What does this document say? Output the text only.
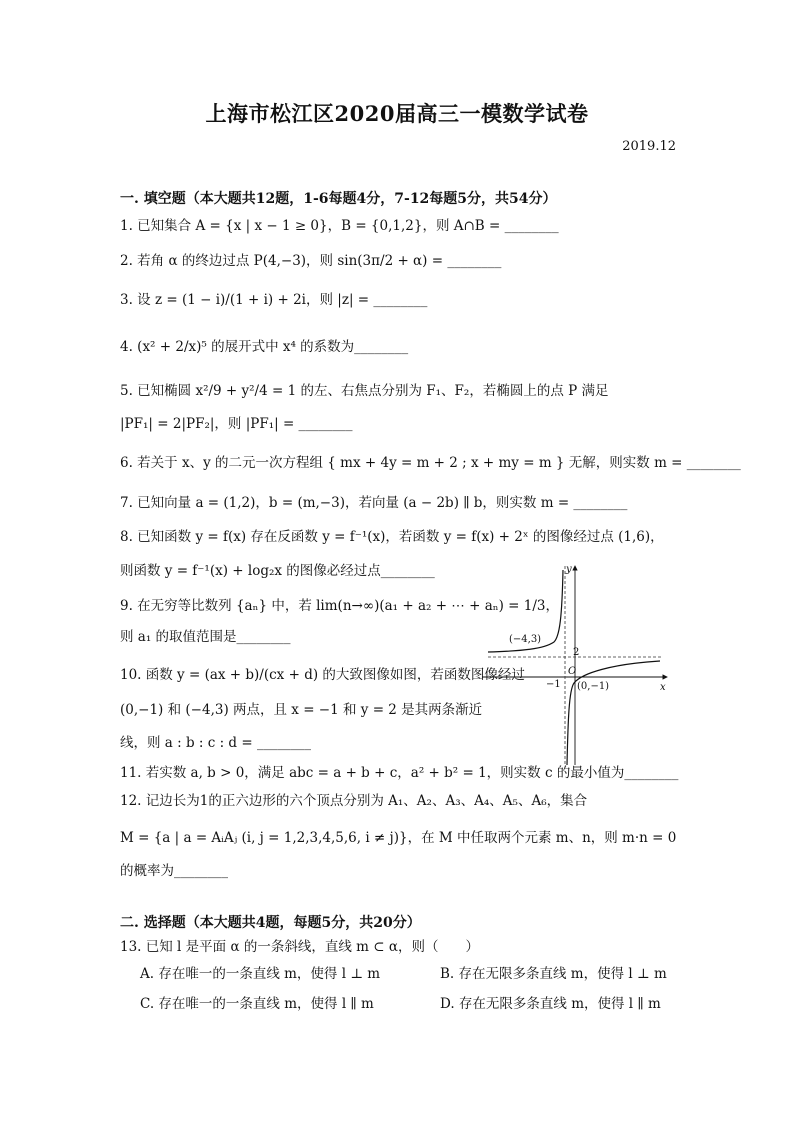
上海市松江区2020届高三一模数学试卷
2019.12
一. 填空题（本大题共12题，1-6每题4分，7-12每题5分，共54分）
1. 已知集合 A = {x | x − 1 ≥ 0}，B = {0,1,2}，则 A∩B = ________
2. 若角 α 的终边过点 P(4,−3)，则 sin(3π/2 + α) = ________
3. 设 z = (1 − i)/(1 + i) + 2i，则 |z| = ________
4. (x² + 2/x)⁵ 的展开式中 x⁴ 的系数为________
5. 已知椭圆 x²/9 + y²/4 = 1 的左、右焦点分别为 F₁、F₂，若椭圆上的点 P 满足
|PF₁| = 2|PF₂|，则 |PF₁| = ________
6. 若关于 x、y 的二元一次方程组 { mx + 4y = m + 2 ; x + my = m } 无解，则实数 m = ________
7. 已知向量 a = (1,2)，b = (m,−3)，若向量 (a − 2b) ∥ b，则实数 m = ________
8. 已知函数 y = f(x) 存在反函数 y = f⁻¹(x)，若函数 y = f(x) + 2ˣ 的图像经过点 (1,6)，
则函数 y = f⁻¹(x) + log₂x 的图像必经过点________
9. 在无穷等比数列 {aₙ} 中，若 lim(n→∞)(a₁ + a₂ + ⋯ + aₙ) = 1/3，
则 a₁ 的取值范围是________
10. 函数 y = (ax + b)/(cx + d) 的大致图像如图，若函数图像经过
(0,−1) 和 (−4,3) 两点，且 x = −1 和 y = 2 是其两条渐近
线，则 a : b : c : d = ________
11. 若实数 a, b > 0，满足 abc = a + b + c，a² + b² = 1，则实数 c 的最小值为________
12. 记边长为1的正六边形的六个顶点分别为 A₁、A₂、A₃、A₄、A₅、A₆，集合
M = {a | a = AᵢAⱼ (i, j = 1,2,3,4,5,6, i ≠ j)}，在 M 中任取两个元素 m、n，则 m·n = 0
的概率为________
y
x
O
(−4,3)
2
−1 (0,−1)
二. 选择题（本大题共4题，每题5分，共20分）
13. 已知 l 是平面 α 的一条斜线，直线 m ⊂ α，则（　　）
A. 存在唯一的一条直线 m，使得 l ⊥ m	B. 存在无限多条直线 m，使得 l ⊥ m
C. 存在唯一的一条直线 m，使得 l ∥ m	D. 存在无限多条直线 m，使得 l ∥ m
